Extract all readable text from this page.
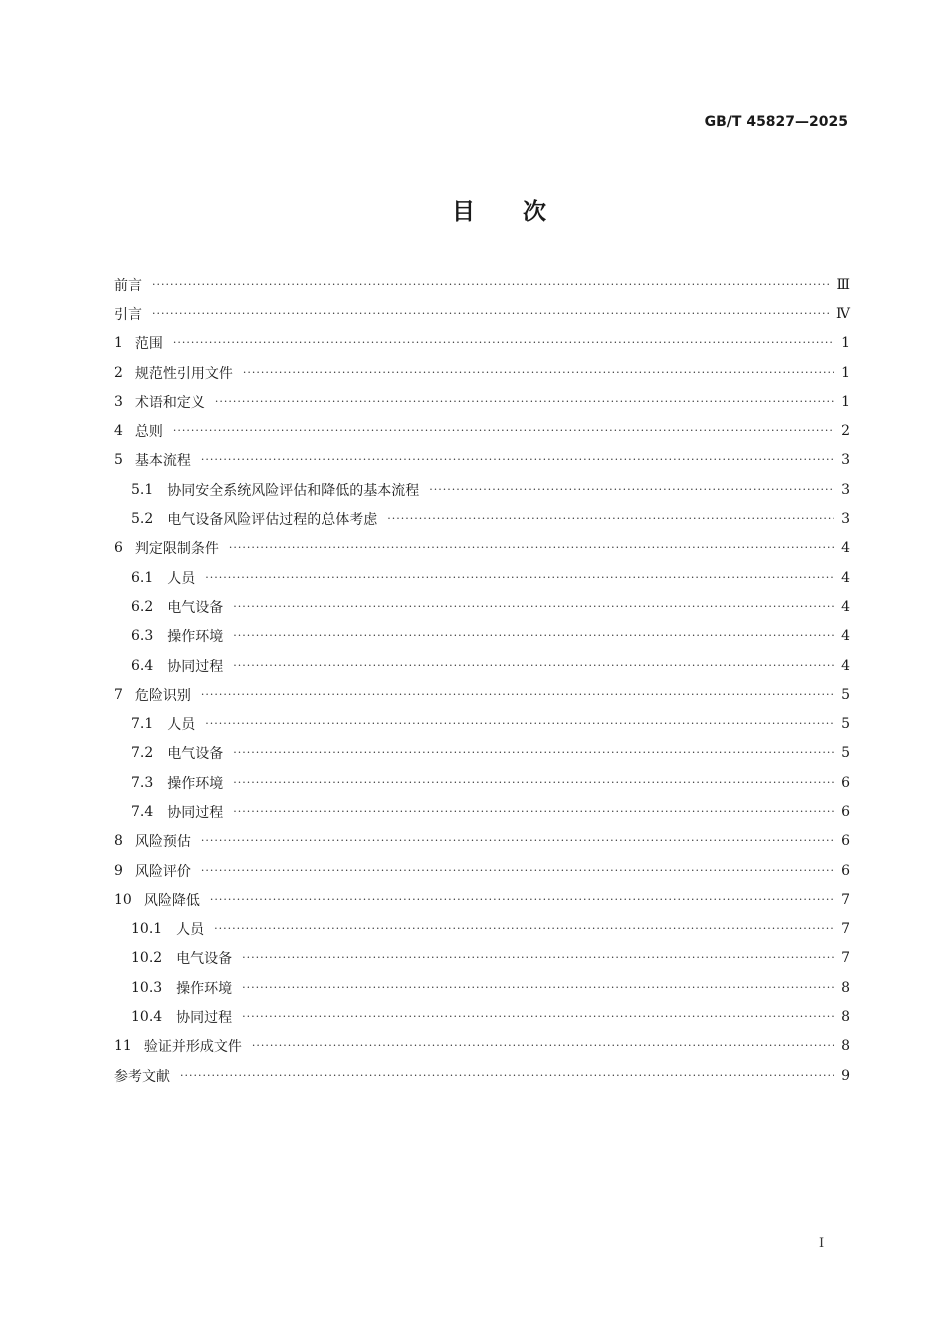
GB/T 45827—2025
目次
前言 ·····	Ⅲ
引言 ·····	Ⅳ
1 范围 ·····	1
2 规范性引用文件 ·····	1
3 术语和定义 ·····	1
4 总则 ·····	2
5 基本流程 ·····	3
5.1 协同安全系统风险评估和降低的基本流程 ·····	3
5.2 电气设备风险评估过程的总体考虑 ·····	3
6 判定限制条件 ·····	4
6.1 人员 ·····	4
6.2 电气设备 ·····	4
6.3 操作环境 ·····	4
6.4 协同过程 ·····	4
7 危险识别 ·····	5
7.1 人员 ·····	5
7.2 电气设备 ·····	5
7.3 操作环境 ·····	6
7.4 协同过程 ·····	6
8 风险预估 ·····	6
9 风险评价 ·····	6
10 风险降低 ·····	7
10.1 人员 ·····	7
10.2 电气设备 ·····	7
10.3 操作环境 ·····	8
10.4 协同过程 ·····	8
11 验证并形成文件 ·····	8
参考文献 ·····	9
I
